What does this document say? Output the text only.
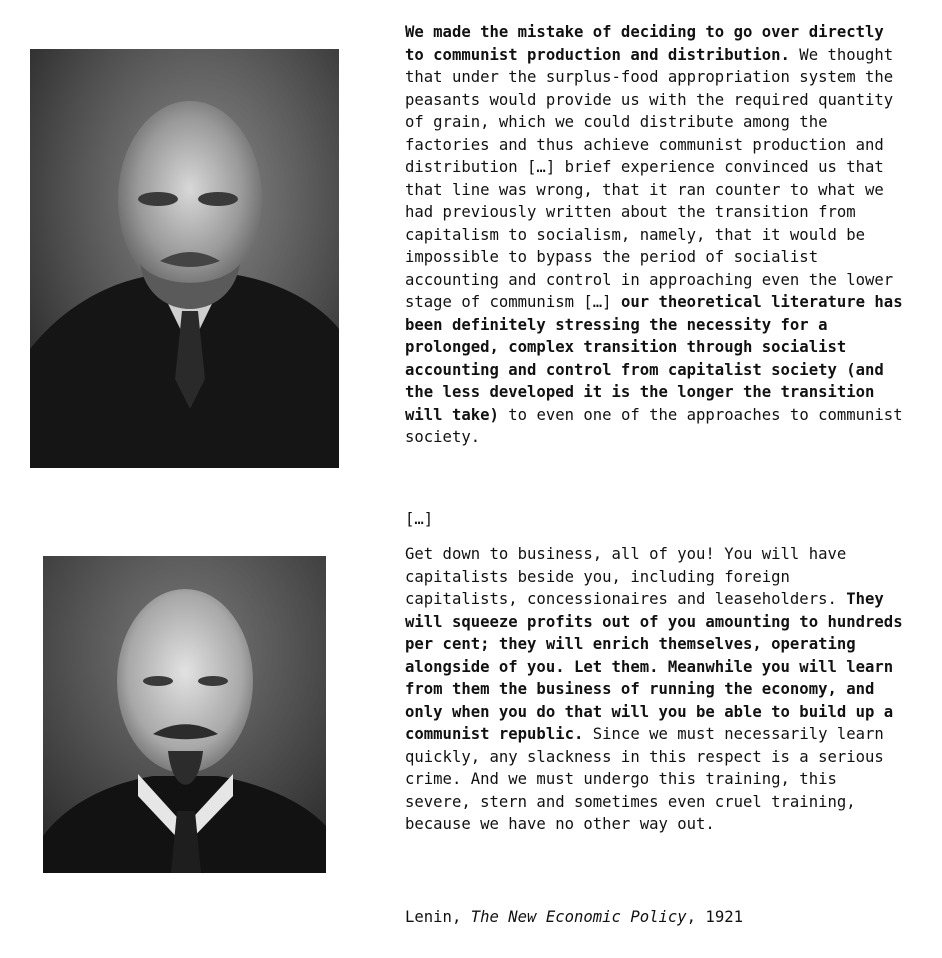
We made the mistake of deciding to go over directly to communist production and distribution. We thought that under the surplus-food appropriation system the peasants would provide us with the required quantity of grain, which we could distribute among the factories and thus achieve communist production and distribution […] brief experience convinced us that that line was wrong, that it ran counter to what we had previously written about the transition from capitalism to socialism, namely, that it would be impossible to bypass the period of socialist accounting and control in approaching even the lower stage of communism […] our theoretical literature has been definitely stressing the necessity for a prolonged, complex transition through socialist accounting and control from capitalist society (and the less developed it is the longer the transition will take) to even one of the approaches to communist society.

[…]

Get down to business, all of you! You will have capitalists beside you, including foreign capitalists, concessionaires and leaseholders. They will squeeze profits out of you amounting to hundreds per cent; they will enrich themselves, operating alongside of you. Let them. Meanwhile you will learn from them the business of running the economy, and only when you do that will you be able to build up a communist republic. Since we must necessarily learn quickly, any slackness in this respect is a serious crime. And we must undergo this training, this severe, stern and sometimes even cruel training, because we have no other way out.

Lenin, The New Economic Policy, 1921
